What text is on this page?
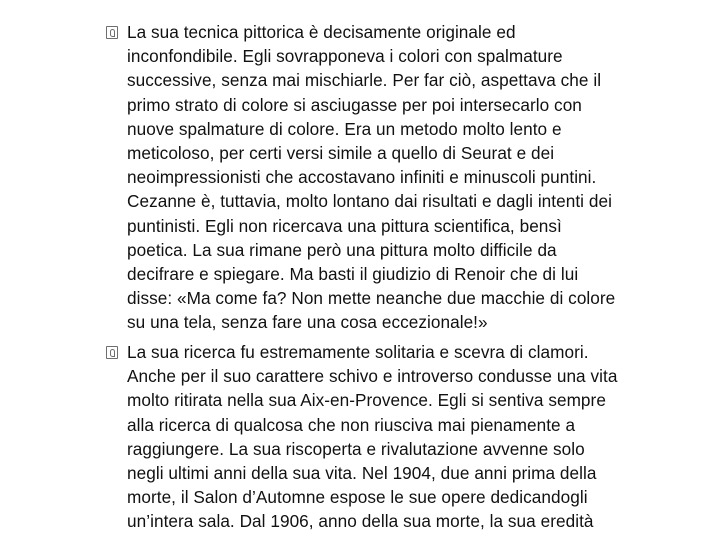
La sua tecnica pittorica è decisamente originale ed
inconfondibile. Egli sovrapponeva i colori con spalmature
successive, senza mai mischiarle. Per far ciò, aspettava che il
primo strato di colore si asciugasse per poi intersecarlo con
nuove spalmature di colore. Era un metodo molto lento e
meticoloso, per certi versi simile a quello di Seurat e dei
neoimpressionisti che accostavano infiniti e minuscoli puntini.
Cezanne è, tuttavia, molto lontano dai risultati e dagli intenti dei
puntinisti. Egli non ricercava una pittura scientifica, bensì
poetica. La sua rimane però una pittura molto difficile da
decifrare e spiegare. Ma basti il giudizio di Renoir che di lui
disse: «Ma come fa? Non mette neanche due macchie di colore
su una tela, senza fare una cosa eccezionale!»

La sua ricerca fu estremamente solitaria e scevra di clamori.
Anche per il suo carattere schivo e introverso condusse una vita
molto ritirata nella sua Aix-en-Provence. Egli si sentiva sempre
alla ricerca di qualcosa che non riusciva mai pienamente a
raggiungere. La sua riscoperta e rivalutazione avvenne solo
negli ultimi anni della sua vita. Nel 1904, due anni prima della
morte, il Salon d’Automne espose le sue opere dedicandogli
un’intera sala. Dal 1906, anno della sua morte, la sua eredità
